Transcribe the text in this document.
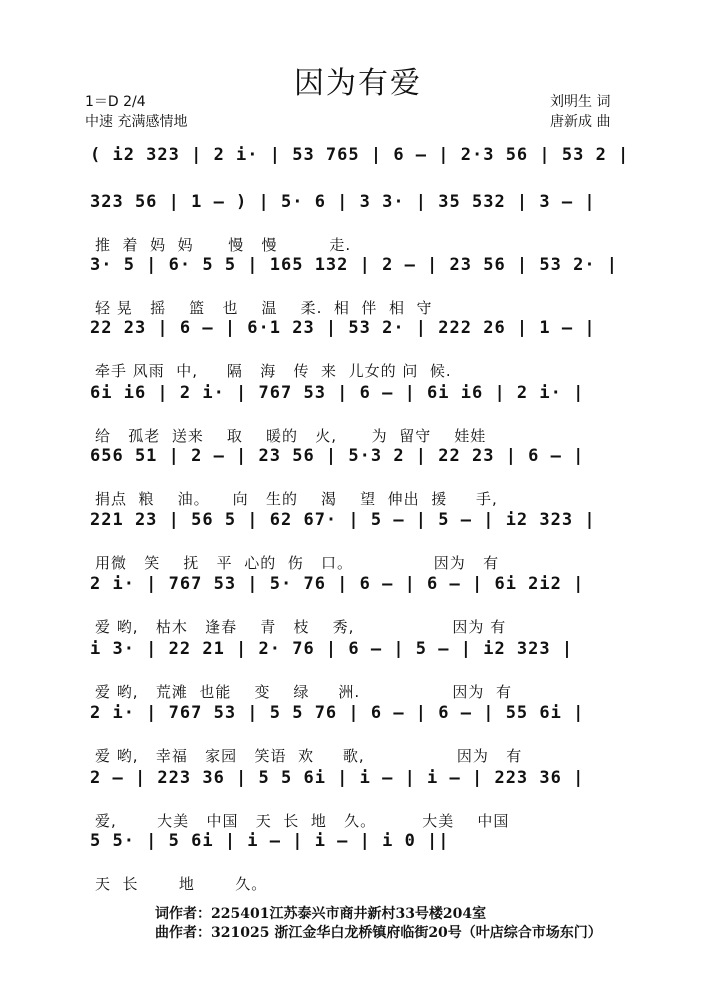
因为有爱
1＝D 2/4
中速 充满感情地
刘明生 词
唐新成 曲
( i2 323 | 2 i· | 53 765 | 6 — | 2·3 56 | 53 2 |
323 56 | 1 — ) | 5· 6 | 3 3· | 35 532 | 3 — |
推  着  妈  妈      慢   慢         走.
3· 5 | 6· 5 5 | 165 132 | 2 — | 23 56 | 53 2· |
轻 晃   摇    篮   也    温    柔.  相  伴  相  守
22 23 | 6 — | 6·1 23 | 53 2· | 222 26 | 1 — |
牵手 风雨  中,     隔   海   传  来  儿女的 问  候.
6i i6 | 2 i· | 767 53 | 6 — | 6i i6 | 2 i· |
给   孤老  送来    取    暖的   火,      为  留守    娃娃
656 51 | 2 — | 23 56 | 5·3 2 | 22 23 | 6 — |
捐点  粮    油。    向   生的    渴    望  伸出  援     手,
221 23 | 56 5 | 62 67· | 5 — | 5 — | i2 323 |
用微   笑    抚   平  心的  伤   口。              因为   有
2 i· | 767 53 | 5· 76 | 6 — | 6 — | 6i 2i2 |
爱 哟,   枯木   逢春    青   枝    秀,                 因为 有
i 3· | 22 21 | 2· 76 | 6 — | 5 — | i2 323 |
爱 哟,   荒滩  也能    变    绿     洲.                因为  有
2 i· | 767 53 | 5 5 76 | 6 — | 6 — | 55 6i |
爱 哟,   幸福   家园   笑语  欢     歌,                因为   有
2 — | 223 36 | 5 5 6i | i — | i — | 223 36 |
爱,       大美   中国   天  长  地   久。        大美    中国
5 5· | 5 6i | i — | i — | i 0 ||
天  长       地       久。
词作者：225401江苏泰兴市商井新村33号楼204室
曲作者：321025 浙江金华白龙桥镇府临街20号（叶店综合市场东门）
